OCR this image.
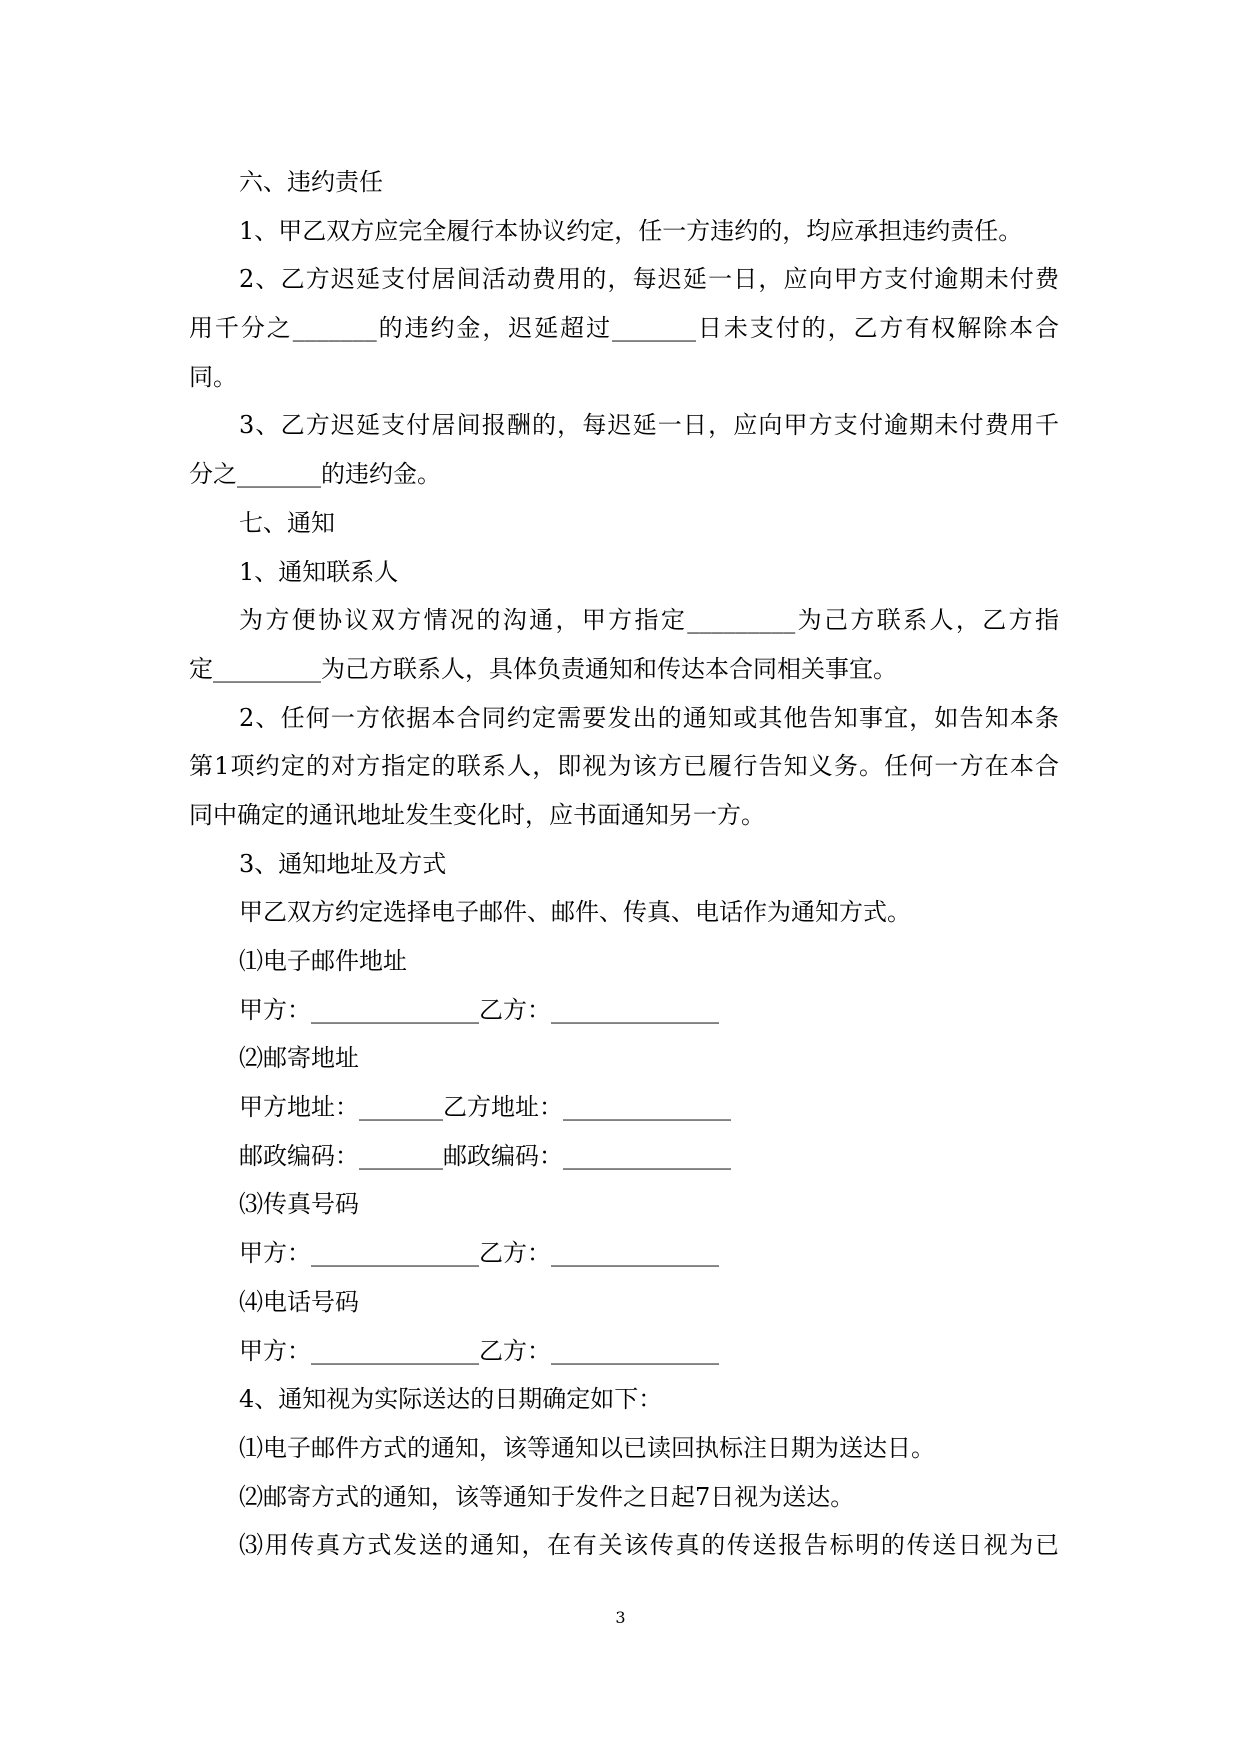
六、违约责任
1、甲乙双方应完全履行本协议约定，任一方违约的，均应承担违约责任。
2、乙方迟延支付居间活动费用的，每迟延一日，应向甲方支付逾期未付费
用千分之_______的违约金，迟延超过_______日未支付的，乙方有权解除本合
同。
3、乙方迟延支付居间报酬的，每迟延一日，应向甲方支付逾期未付费用千
分之_______的违约金。
七、通知
1、通知联系人
为方便协议双方情况的沟通，甲方指定_________为己方联系人，乙方指
定_________为己方联系人，具体负责通知和传达本合同相关事宜。
2、任何一方依据本合同约定需要发出的通知或其他告知事宜，如告知本条
第1项约定的对方指定的联系人，即视为该方已履行告知义务。任何一方在本合
同中确定的通讯地址发生变化时，应书面通知另一方。
3、通知地址及方式
甲乙双方约定选择电子邮件、邮件、传真、电话作为通知方式。
⑴电子邮件地址
甲方：______________乙方：______________
⑵邮寄地址
甲方地址：_______乙方地址：______________
邮政编码：_______邮政编码：______________
⑶传真号码
甲方：______________乙方：______________
⑷电话号码
甲方：______________乙方：______________
4、通知视为实际送达的日期确定如下：
⑴电子邮件方式的通知，该等通知以已读回执标注日期为送达日。
⑵邮寄方式的通知，该等通知于发件之日起7日视为送达。
⑶用传真方式发送的通知，在有关该传真的传送报告标明的传送日视为已
3
